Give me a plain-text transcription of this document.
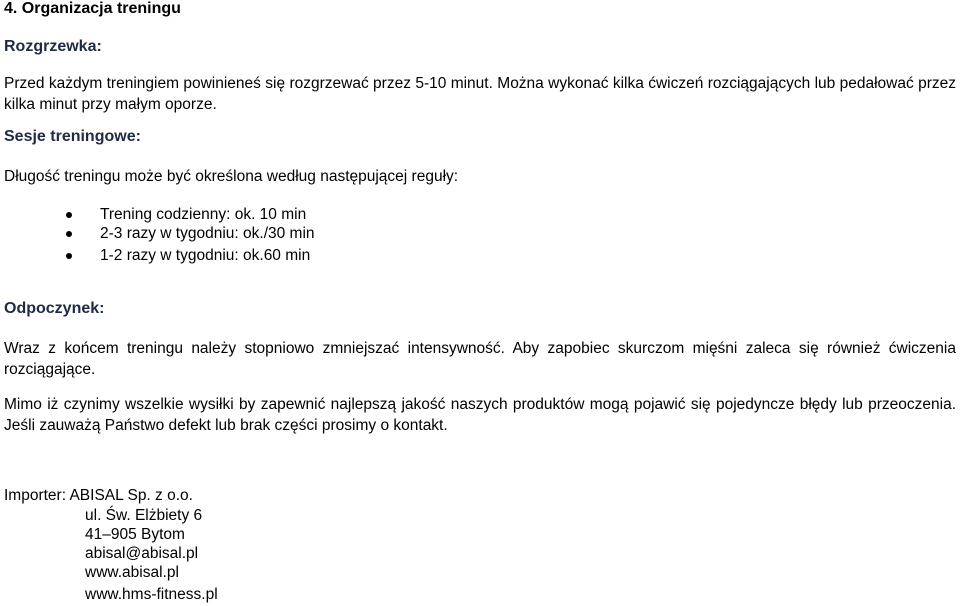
4. Organizacja treningu
Rozgrzewka:

Przed każdym treningiem powinieneś się rozgrzewać przez 5-10 minut. Można wykonać kilka ćwiczeń rozciągających lub pedałować przez kilka minut przy małym oporze.

Sesje treningowe:

Długość treningu może być określona według następującej reguły:

Trening codzienny: ok. 10 min
2-3 razy w tygodniu: ok./30 min
1-2 razy w tygodniu: ok.60 min
Odpoczynek:

Wraz z końcem treningu należy stopniowo zmniejszać intensywność. Aby zapobiec skurczom mięśni zaleca się również ćwiczenia rozciągające.

Mimo iż czynimy wszelkie wysiłki by zapewnić najlepszą jakość naszych produktów mogą pojawić się pojedyncze błędy lub przeoczenia. Jeśli zauważą Państwo defekt lub brak części prosimy o kontakt.

Importer: ABISAL Sp. z o.o.

ul. Św. Elżbiety 6

41–905 Bytom

abisal@abisal.pl

www.abisal.pl

www.hms-fitness.pl
